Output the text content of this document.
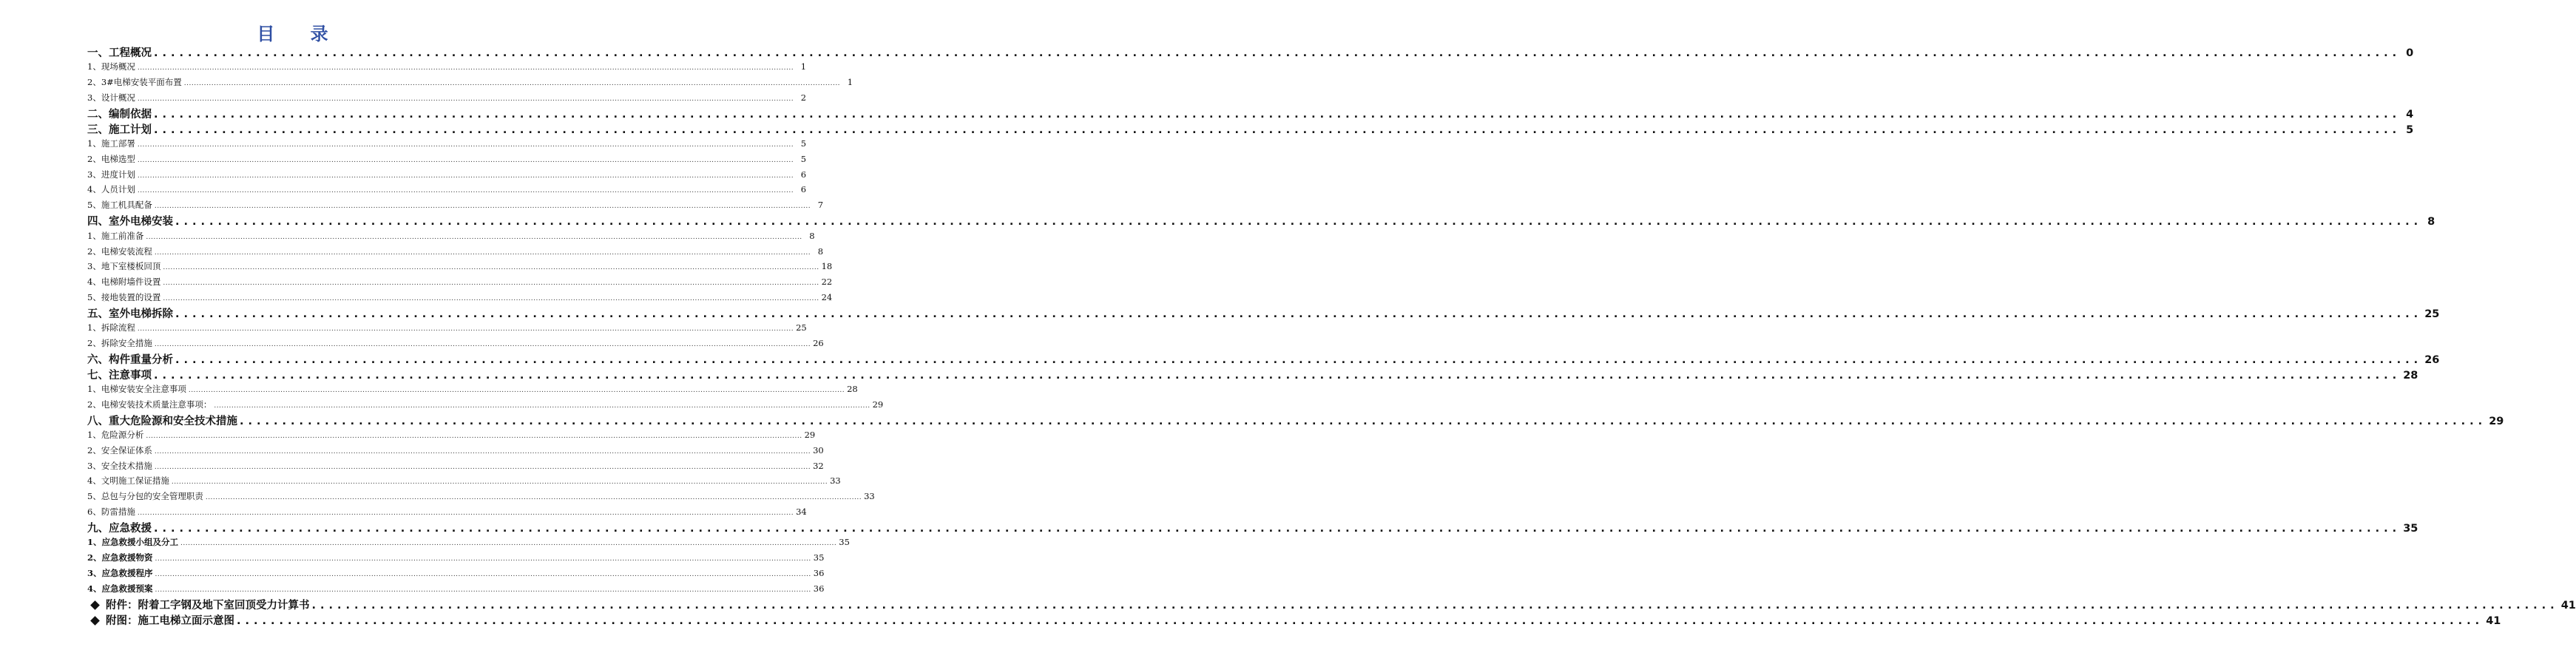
目 录
一、工程概况 ........................................................................................................................................................................................................................................................................ 0
1、现场概况 ........................................................................................................................................................................................................................................................................ 1
2、3#电梯安装平面布置 ........................................................................................................................................................................................................................................................................ 1
3、设计概况 ........................................................................................................................................................................................................................................................................ 2
二、编制依据 ........................................................................................................................................................................................................................................................................ 4
三、施工计划 ........................................................................................................................................................................................................................................................................ 5
1、施工部署 ........................................................................................................................................................................................................................................................................ 5
2、电梯选型 ........................................................................................................................................................................................................................................................................ 5
3、进度计划 ........................................................................................................................................................................................................................................................................ 6
4、人员计划 ........................................................................................................................................................................................................................................................................ 6
5、施工机具配备 ........................................................................................................................................................................................................................................................................ 7
四、室外电梯安装 ........................................................................................................................................................................................................................................................................ 8
1、施工前准备 ........................................................................................................................................................................................................................................................................ 8
2、电梯安装流程 ........................................................................................................................................................................................................................................................................ 8
3、地下室楼板回顶 ........................................................................................................................................................................................................................................................................ 18
4、电梯附墙件设置 ........................................................................................................................................................................................................................................................................ 22
5、接地装置的设置 ........................................................................................................................................................................................................................................................................ 24
五、室外电梯拆除 ........................................................................................................................................................................................................................................................................ 25
1、拆除流程 ........................................................................................................................................................................................................................................................................ 25
2、拆除安全措施 ........................................................................................................................................................................................................................................................................ 26
六、构件重量分析 ........................................................................................................................................................................................................................................................................ 26
七、注意事项 ........................................................................................................................................................................................................................................................................ 28
1、电梯安装安全注意事项 ........................................................................................................................................................................................................................................................................ 28
2、电梯安装技术质量注意事项： ........................................................................................................................................................................................................................................................................ 29
八、重大危险源和安全技术措施 ........................................................................................................................................................................................................................................................................ 29
1、危险源分析 ........................................................................................................................................................................................................................................................................ 29
2、安全保证体系 ........................................................................................................................................................................................................................................................................ 30
3、安全技术措施 ........................................................................................................................................................................................................................................................................ 32
4、文明施工保证措施 ........................................................................................................................................................................................................................................................................ 33
5、总包与分包的安全管理职责 ........................................................................................................................................................................................................................................................................ 33
6、防雷措施 ........................................................................................................................................................................................................................................................................ 34
九、应急救援 ........................................................................................................................................................................................................................................................................ 35
1、应急救援小组及分工 ........................................................................................................................................................................................................................................................................ 35
2、应急救援物资 ........................................................................................................................................................................................................................................................................ 35
3、应急救援程序 ........................................................................................................................................................................................................................................................................ 36
4、应急救援预案 ........................................................................................................................................................................................................................................................................ 36
附件：附着工字钢及地下室回顶受力计算书 ........................................................................................................................................................................................................................................................................ 41
附图：施工电梯立面示意图 ........................................................................................................................................................................................................................................................................ 41
